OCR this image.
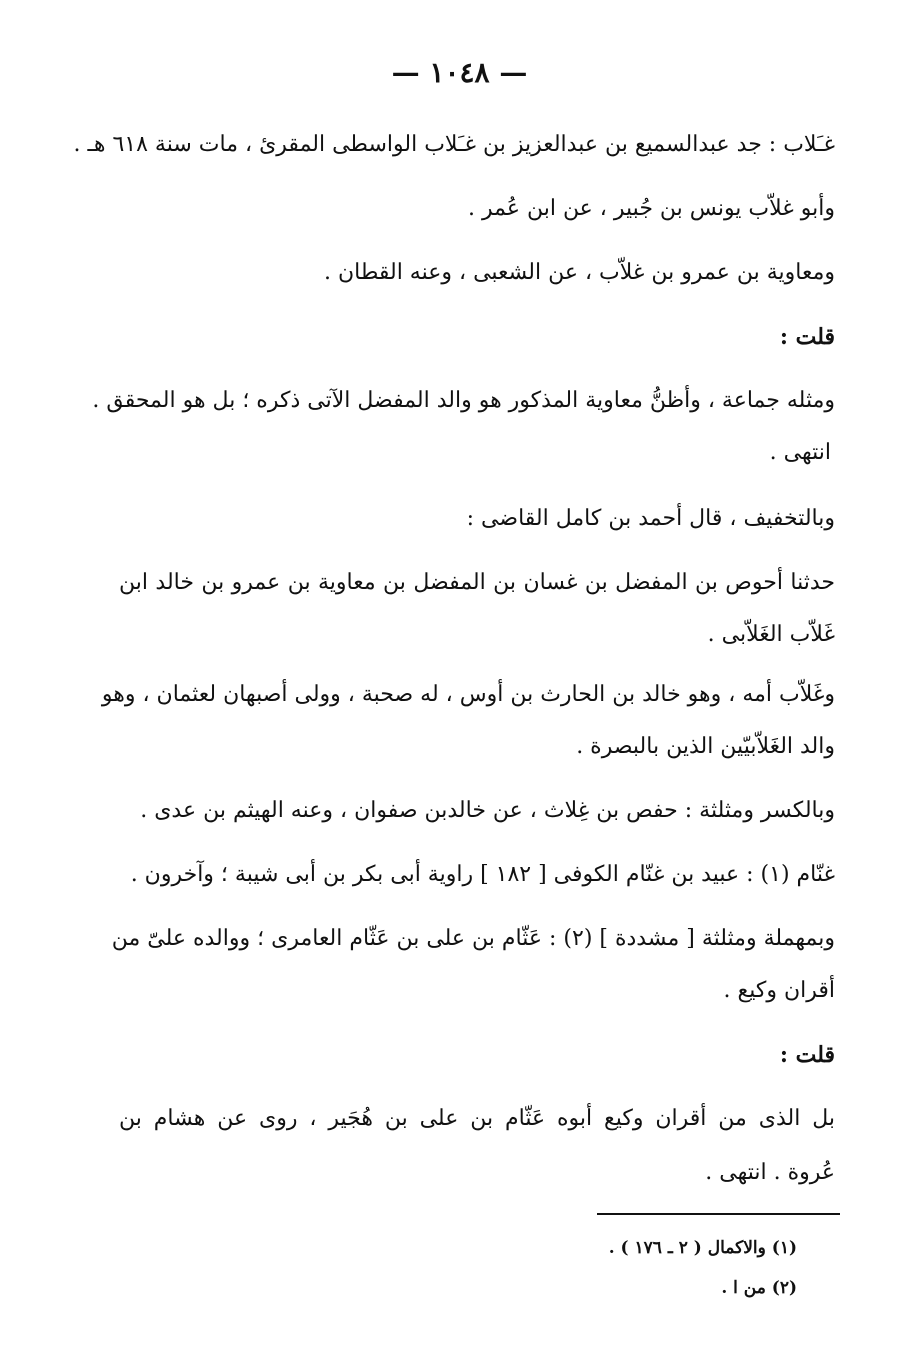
— ١٠٤٨ —
غـَلاب : جد عبدالسميع بن عبدالعزيز بن غـَلاب الواسطى المقرئ ، مات سنة ٦١٨ هـ .
وأبو غلاّب يونس بن جُبير ، عن ابن عُمر .
ومعاوية بن عمرو بن غلاّب ، عن الشعبى ، وعنه القطان .
قلت :
ومثله جماعة ، وأظنُّ معاوية المذكور هو والد المفضل الآتى ذكره ؛ بل هو المحقق .
انتهى .
وبالتخفيف ، قال أحمد بن كامل القاضى :
حدثنا أحوص بن المفضل بن غسان بن المفضل بن معاوية بن عمرو بن خالد ابن
غَلاّب الغَلاّبى .
وغَلاّب أمه ، وهو خالد بن الحارث بن أوس ، له صحبة ، وولى أصبهان لعثمان ، وهو
والد الغَلاّبيّين الذين بالبصرة .
وبالكسر ومثلثة : حفص بن غِلاث ، عن خالدبن صفوان ، وعنه الهيثم بن عدى .
غنّام (١) : عبيد بن غنّام الكوفى [ ١٨٢ ] راوية أبى بكر بن أبى شيبة ؛ وآخرون .
وبمهملة ومثلثة [ مشددة ] (٢) : عَثّام بن على بن عَثّام العامرى ؛ ووالده علىّ من
أقران وكيع .
قلت :
بل الذى من أقران وكيع أبوه عَثّام بن على بن هُجَير ، روى عن هشام بن
عُروة . انتهى .
(١) والاكمال ( ٢ ـ ١٧٦ ) .
(٢) من ا .
